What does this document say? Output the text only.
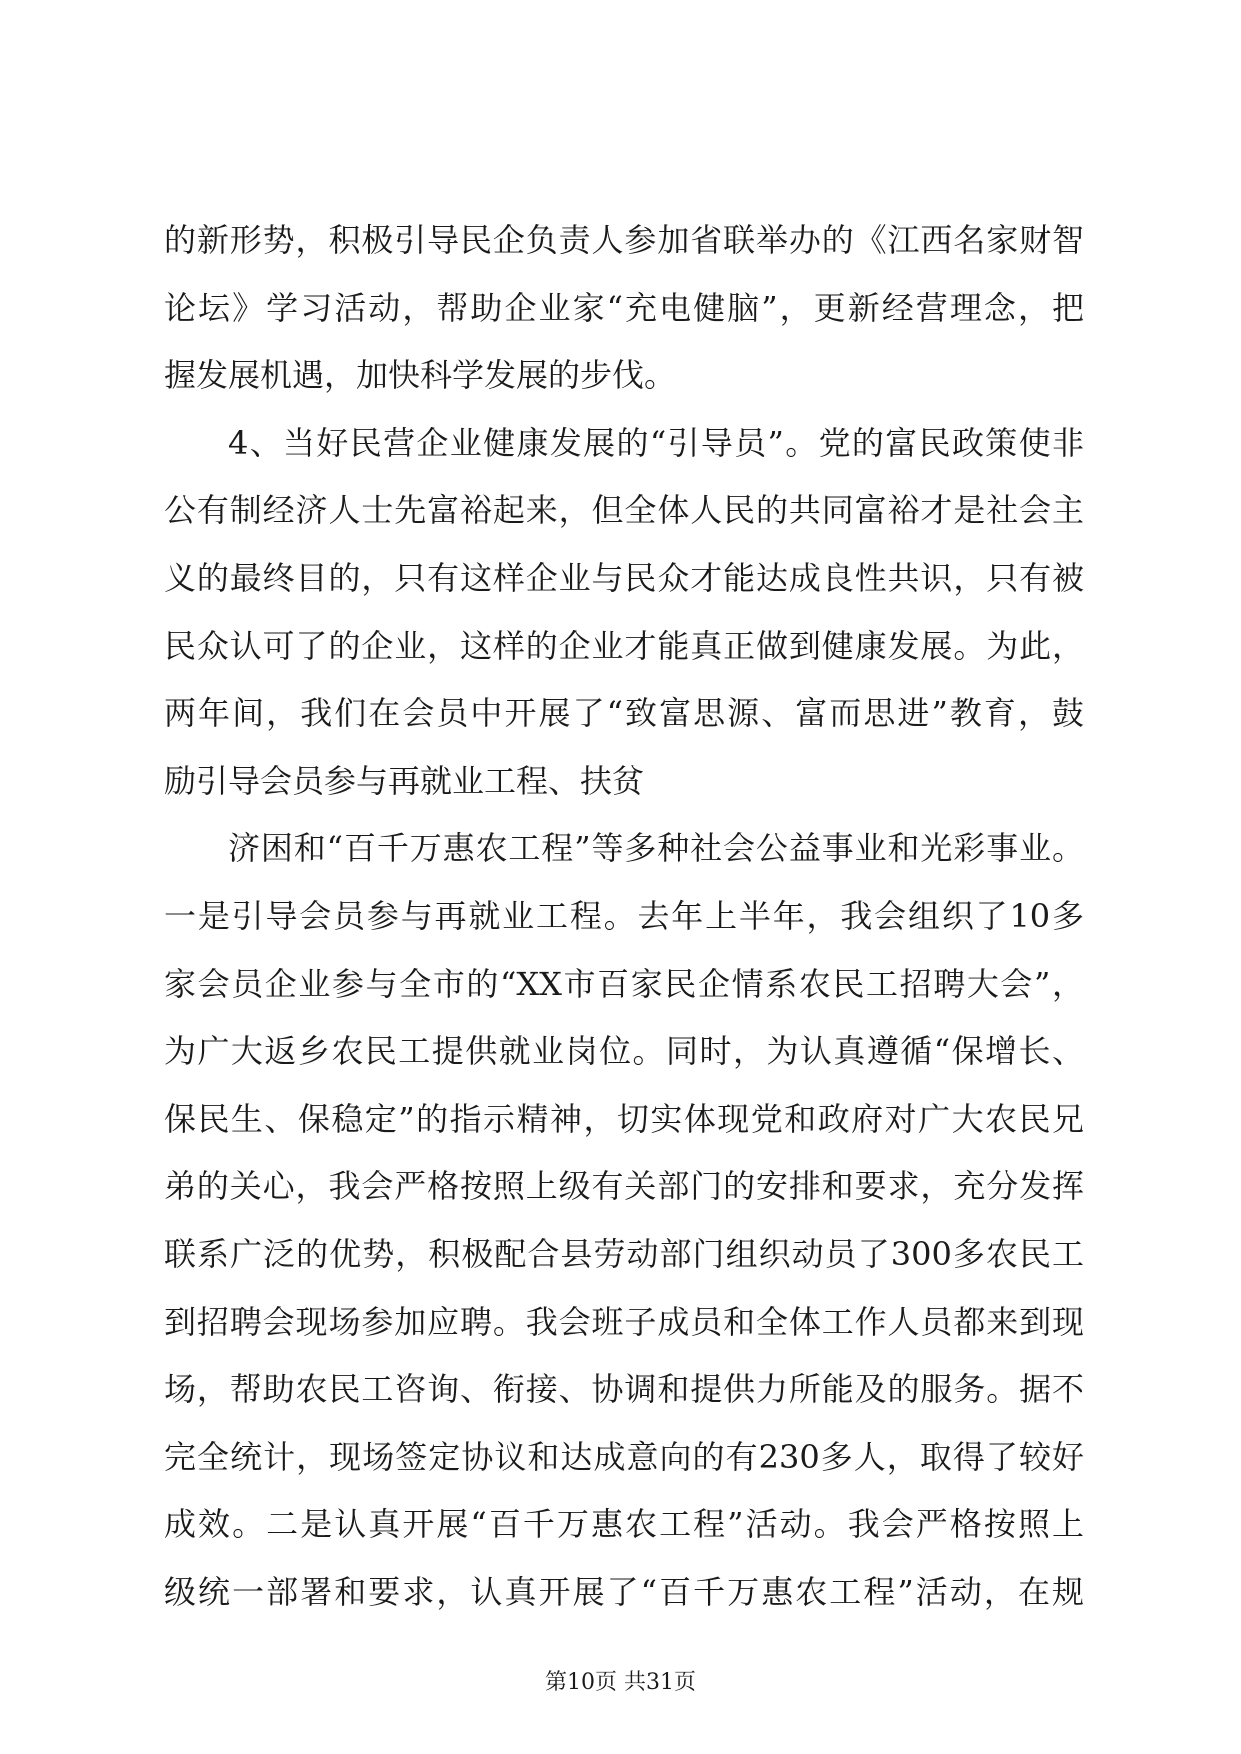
的新形势，积极引导民企负责人参加省联举办的《江西名家财智
论坛》学习活动，帮助企业家“充电健脑”，更新经营理念，把
握发展机遇，加快科学发展的步伐。
4、当好民营企业健康发展的“引导员”。党的富民政策使非
公有制经济人士先富裕起来，但全体人民的共同富裕才是社会主
义的最终目的，只有这样企业与民众才能达成良性共识，只有被
民众认可了的企业，这样的企业才能真正做到健康发展。为此，
两年间，我们在会员中开展了“致富思源、富而思进”教育，鼓
励引导会员参与再就业工程、扶贫
济困和“百千万惠农工程”等多种社会公益事业和光彩事业。
一是引导会员参与再就业工程。去年上半年，我会组织了10多
家会员企业参与全市的“XX市百家民企情系农民工招聘大会”，
为广大返乡农民工提供就业岗位。同时，为认真遵循“保增长、
保民生、保稳定”的指示精神，切实体现党和政府对广大农民兄
弟的关心，我会严格按照上级有关部门的安排和要求，充分发挥
联系广泛的优势，积极配合县劳动部门组织动员了300多农民工
到招聘会现场参加应聘。我会班子成员和全体工作人员都来到现
场，帮助农民工咨询、衔接、协调和提供力所能及的服务。据不
完全统计，现场签定协议和达成意向的有230多人，取得了较好
成效。二是认真开展“百千万惠农工程”活动。我会严格按照上
级统一部署和要求，认真开展了“百千万惠农工程”活动，在规
第10页 共31页
